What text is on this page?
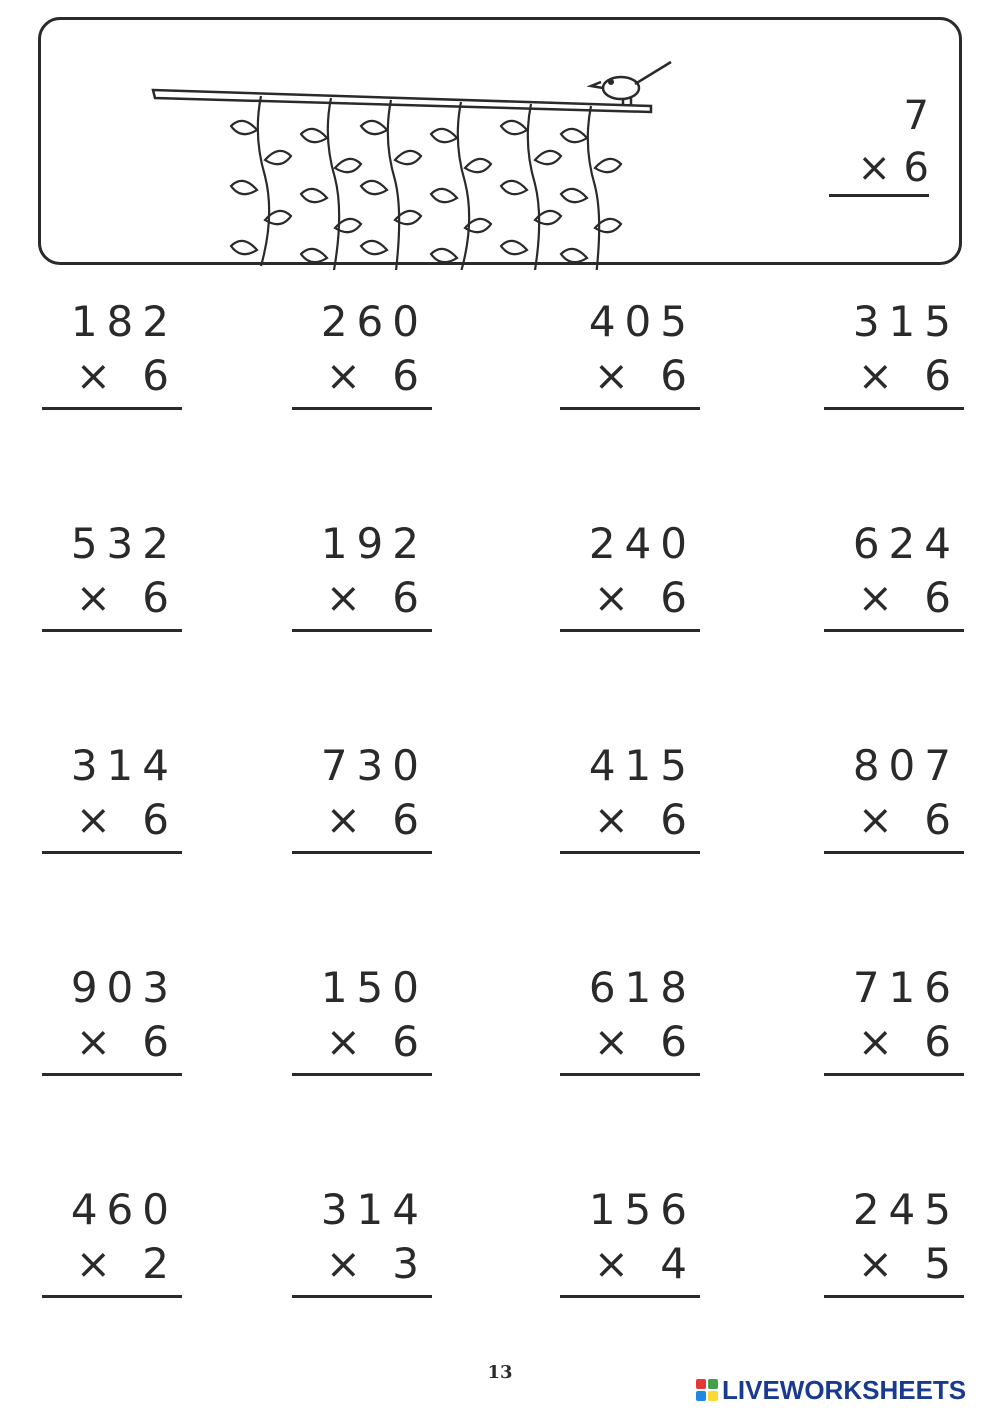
7
× 6
182
× 6
260
× 6
405
× 6
315
× 6
532
× 6
192
× 6
240
× 6
624
× 6
314
× 6
730
× 6
415
× 6
807
× 6
903
× 6
150
× 6
618
× 6
716
× 6
460
× 2
314
× 3
156
× 4
245
× 5
13
LIVEWORKSHEETS
